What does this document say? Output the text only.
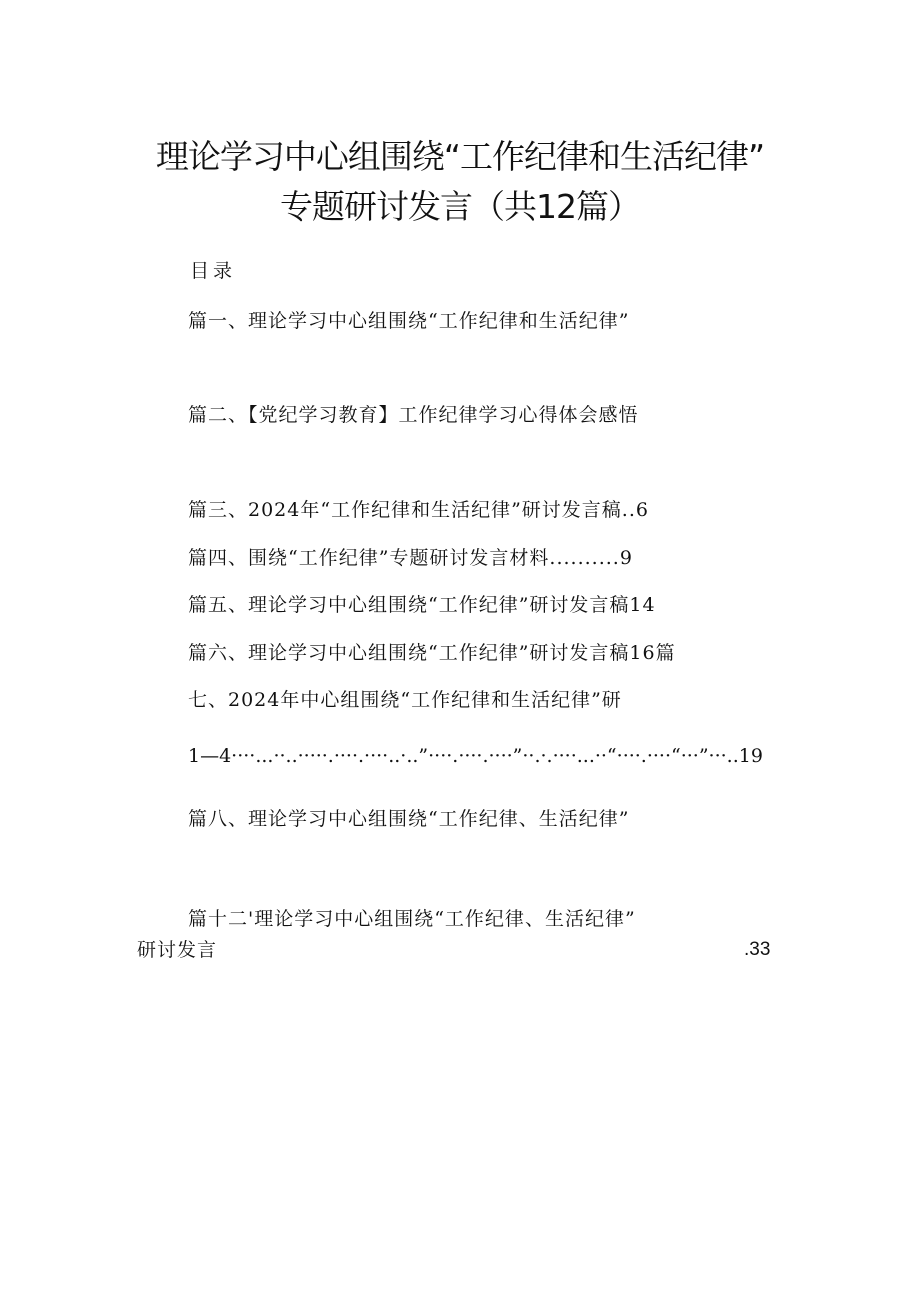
理论学习中心组围绕“工作纪律和生活纪律”
专题研讨发言（共12篇）
目录
篇一、理论学习中心组围绕“工作纪律和生活纪律”
篇二、【党纪学习教育】工作纪律学习心得体会感悟
篇三、2024年“工作纪律和生活纪律”研讨发言稿..6
篇四、围绕“工作纪律”专题研讨发言材料..........9
篇五、理论学习中心组围绕“工作纪律”研讨发言稿14
篇六、理论学习中心组围绕“工作纪律”研讨发言稿16篇
七、2024年中心组围绕“工作纪律和生活纪律”研
1—4····...··..·····.····.····..·..”····.····.····”··.·.····...··“····.····“···”···..19
篇八、理论学习中心组围绕“工作纪律、生活纪律”
篇十二'理论学习中心组围绕“工作纪律、生活纪律”
研讨发言	.33
